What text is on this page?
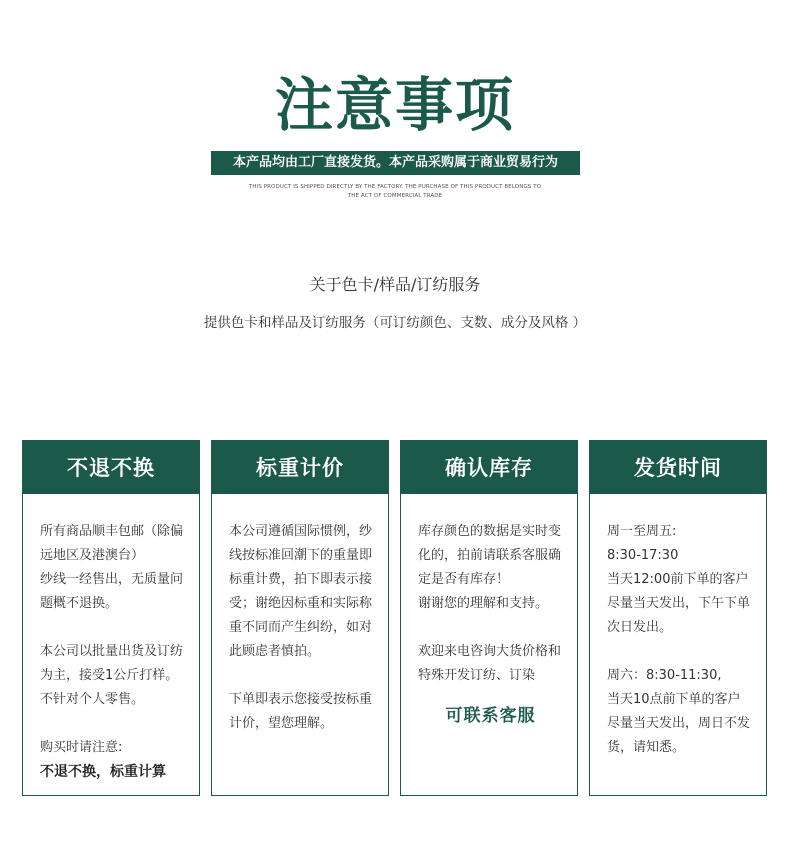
注意事项
本产品均由工厂直接发货。本产品采购属于商业贸易行为
THIS PRODUCT IS SHIPPED DIRECTLY BY THE FACTORY. THE PURCHASE OF THIS PRODUCT BELONGS TO THE ACT OF COMMERCIAL TRADE
关于色卡/样品/订纺服务
提供色卡和样品及订纺服务（可订纺颜色、支数、成分及风格 ）
不退不换

所有商品顺丰包邮（除偏远地区及港澳台）

纱线一经售出，无质量问题概不退换。

本公司以批量出货及订纺为主，接受1公斤打样。不针对个人零售。

购买时请注意:

不退不换，标重计算

标重计价

本公司遵循国际惯例，纱线按标准回潮下的重量即标重计费，拍下即表示接受；谢绝因标重和实际称重不同而产生纠纷，如对此顾虑者慎拍。

下单即表示您接受按标重计价，望您理解。

确认库存

库存颜色的数据是实时变化的，拍前请联系客服确定是否有库存！

谢谢您的理解和支持。

欢迎来电咨询大货价格和特殊开发订纺、订染

可联系客服
发货时间

周一至周五:

8:30-17:30

当天12:00前下单的客户尽量当天发出，下午下单次日发出。

周六：8:30-11:30,

当天10点前下单的客户尽量当天发出，周日不发货，请知悉。
